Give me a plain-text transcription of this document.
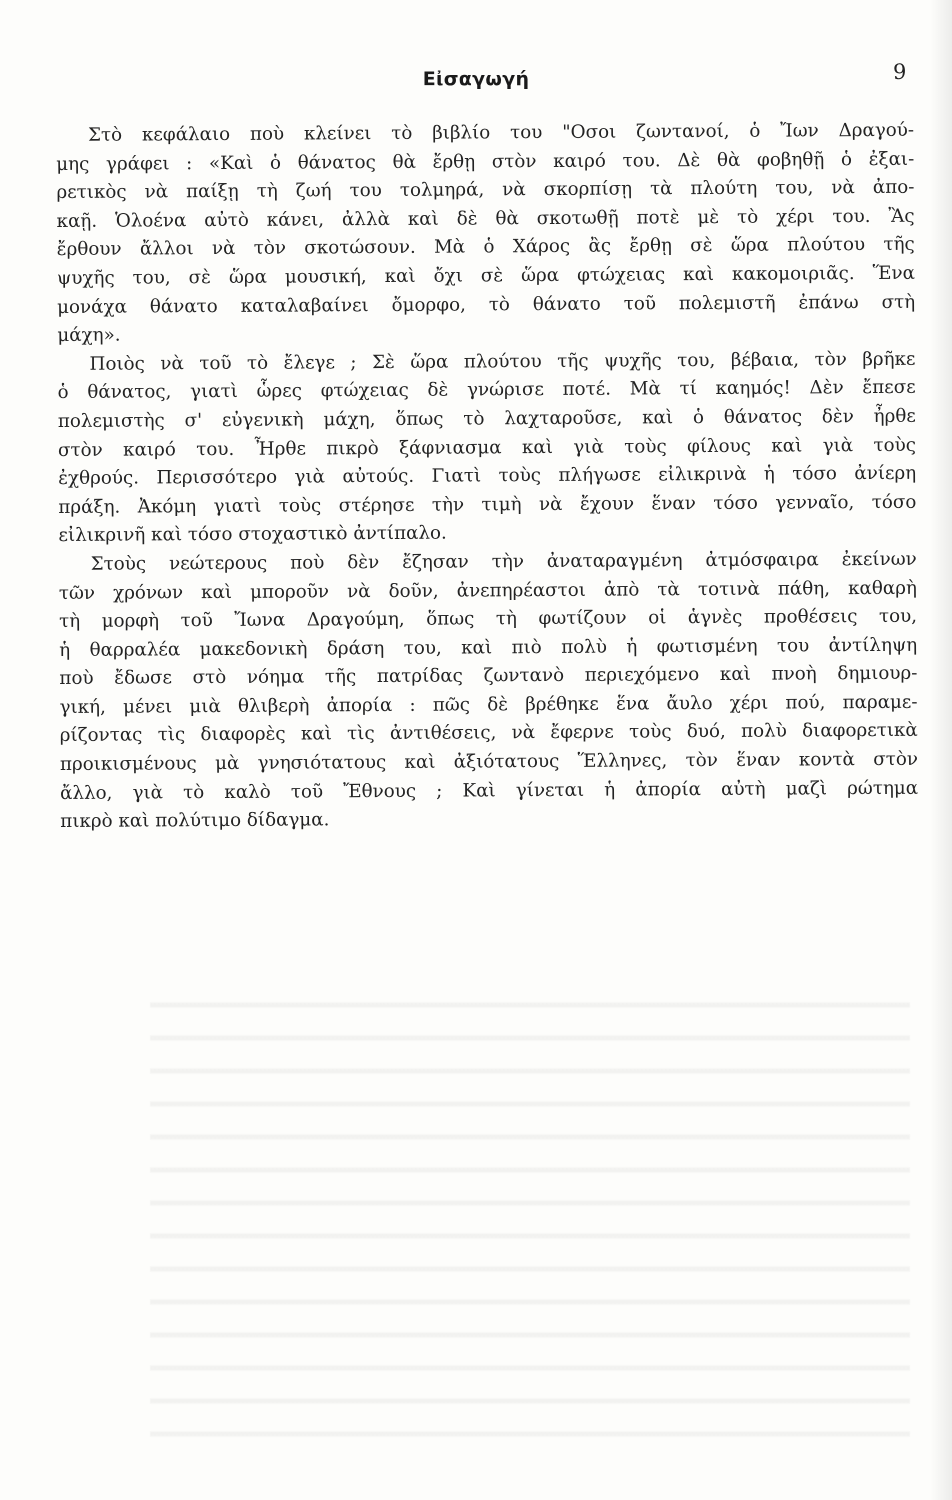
Εἰσαγωγή	9
Στὸ κεφάλαιο ποὺ κλείνει τὸ βιβλίο του "Οσοι ζωντανοί, ὁ Ἴων Δραγού-
μης γράφει : «Καὶ ὁ θάνατος θὰ ἔρθῃ στὸν καιρό του. Δὲ θὰ φοβηθῇ ὁ ἐξαι-
ρετικὸς νὰ παίξῃ τὴ ζωή του τολμηρά, νὰ σκορπίσῃ τὰ πλούτη του, νὰ ἀπο-
καῇ. Ὁλοένα αὐτὸ κάνει, ἀλλὰ καὶ δὲ θὰ σκοτωθῇ ποτὲ μὲ τὸ χέρι του. Ἂς
ἔρθουν ἄλλοι νὰ τὸν σκοτώσουν. Μὰ ὁ Χάρος ἂς ἔρθῃ σὲ ὥρα πλούτου τῆς
ψυχῆς του, σὲ ὥρα μουσική, καὶ ὄχι σὲ ὥρα φτώχειας καὶ κακομοιριᾶς. Ἕνα
μονάχα θάνατο καταλαβαίνει ὄμορφο, τὸ θάνατο τοῦ πολεμιστῆ ἐπάνω στὴ
μάχη».
Ποιὸς νὰ τοῦ τὸ ἔλεγε ; Σὲ ὥρα πλούτου τῆς ψυχῆς του, βέβαια, τὸν βρῆκε
ὁ θάνατος, γιατὶ ὧρες φτώχειας δὲ γνώρισε ποτέ. Μὰ τί καημός! Δὲν ἔπεσε
πολεμιστὴς σ' εὐγενικὴ μάχη, ὅπως τὸ λαχταροῦσε, καὶ ὁ θάνατος δὲν ἦρθε
στὸν καιρό του. Ἦρθε πικρὸ ξάφνιασμα καὶ γιὰ τοὺς φίλους καὶ γιὰ τοὺς
ἐχθρούς. Περισσότερο γιὰ αὐτούς. Γιατὶ τοὺς πλήγωσε εἰλικρινὰ ἡ τόσο ἀνίερη
πράξη. Ἀκόμη γιατὶ τοὺς στέρησε τὴν τιμὴ νὰ ἔχουν ἕναν τόσο γενναῖο, τόσο
εἰλικρινῆ καὶ τόσο στοχαστικὸ ἀντίπαλο.
Στοὺς νεώτερους ποὺ δὲν ἔζησαν τὴν ἀναταραγμένη ἀτμόσφαιρα ἐκείνων
τῶν χρόνων καὶ μποροῦν νὰ δοῦν, ἀνεπηρέαστοι ἀπὸ τὰ τοτινὰ πάθη, καθαρὴ
τὴ μορφὴ τοῦ Ἴωνα Δραγούμη, ὅπως τὴ φωτίζουν οἱ ἁγνὲς προθέσεις του,
ἡ θαρραλέα μακεδονικὴ δράση του, καὶ πιὸ πολὺ ἡ φωτισμένη του ἀντίληψη
ποὺ ἔδωσε στὸ νόημα τῆς πατρίδας ζωντανὸ περιεχόμενο καὶ πνοὴ δημιουρ-
γική, μένει μιὰ θλιβερὴ ἀπορία : πῶς δὲ βρέθηκε ἕνα ἄυλο χέρι πού, παραμε-
ρίζοντας τὶς διαφορὲς καὶ τὶς ἀντιθέσεις, νὰ ἔφερνε τοὺς δυό, πολὺ διαφορετικὰ
προικισμένους μὰ γνησιότατους καὶ ἀξιότατους Ἕλληνες, τὸν ἕναν κοντὰ στὸν
ἄλλο, γιὰ τὸ καλὸ τοῦ Ἔθνους ; Καὶ γίνεται ἡ ἀπορία αὐτὴ μαζὶ ρώτημα
πικρὸ καὶ πολύτιμο δίδαγμα.
